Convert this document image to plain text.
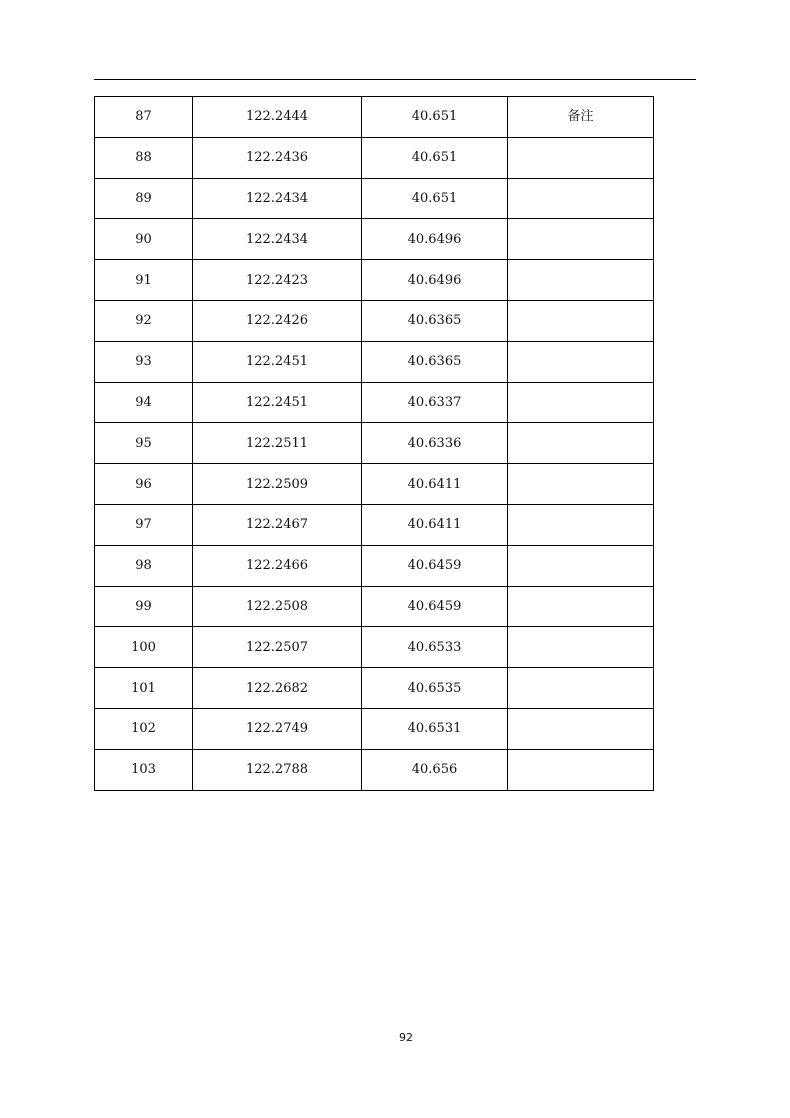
87	122.2444	40.651	备注
88	122.2436	40.651	
89	122.2434	40.651	
90	122.2434	40.6496	
91	122.2423	40.6496	
92	122.2426	40.6365	
93	122.2451	40.6365	
94	122.2451	40.6337	
95	122.2511	40.6336	
96	122.2509	40.6411	
97	122.2467	40.6411	
98	122.2466	40.6459	
99	122.2508	40.6459	
100	122.2507	40.6533	
101	122.2682	40.6535	
102	122.2749	40.6531	
103	122.2788	40.656	
92
